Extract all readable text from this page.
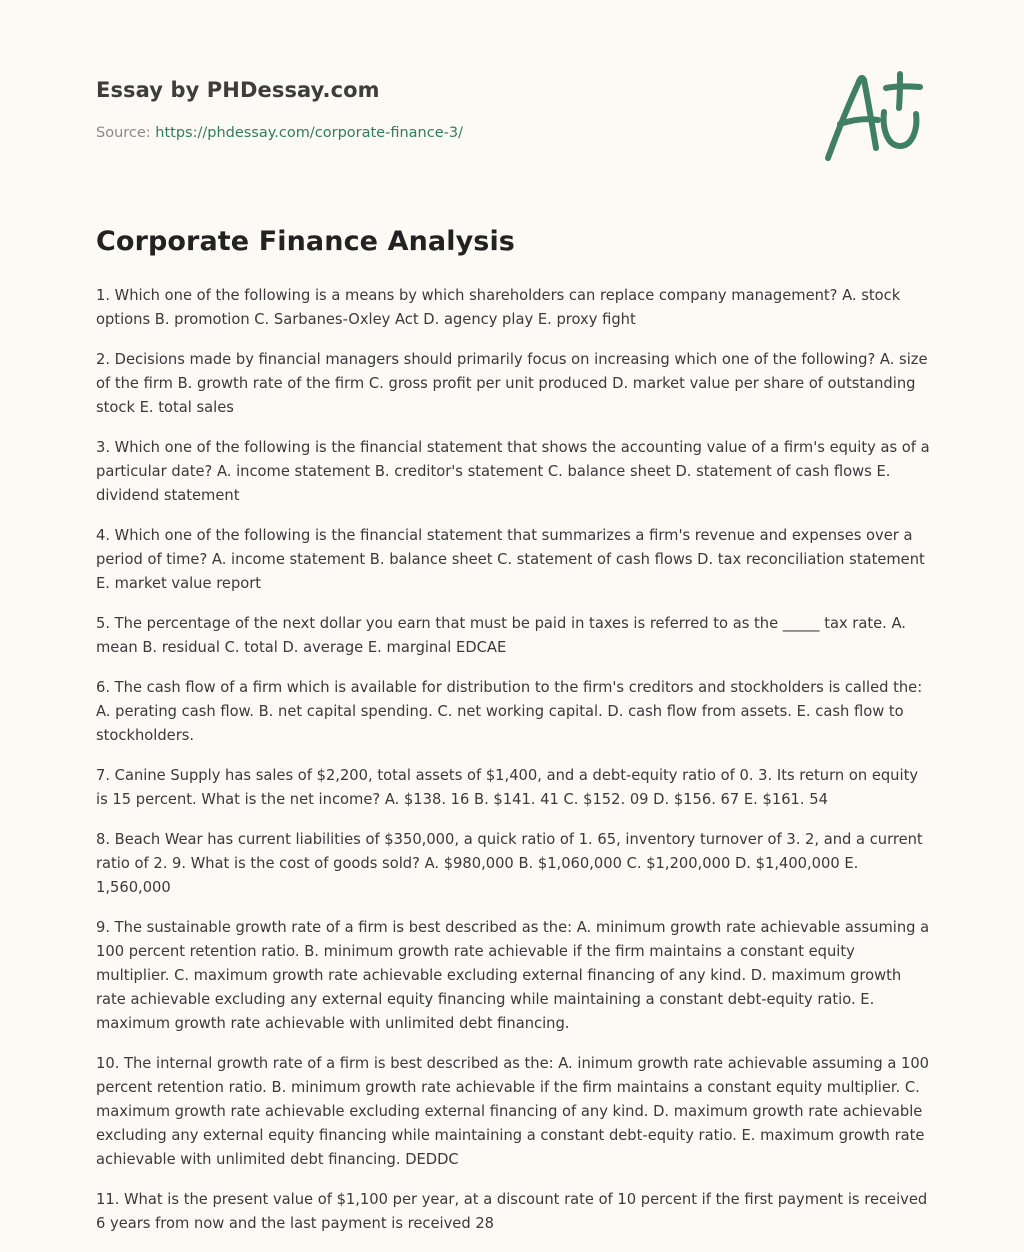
Essay by PHDessay.com

Source: https://phdessay.com/corporate-finance-3/

Corporate Finance Analysis

1. Which one of the following is a means by which shareholders can replace company management? A. stock options B. promotion C. Sarbanes-Oxley Act D. agency play E. proxy fight

2. Decisions made by financial managers should primarily focus on increasing which one of the following? A. size of the firm B. growth rate of the firm C. gross profit per unit produced D. market value per share of outstanding stock E. total sales

3. Which one of the following is the financial statement that shows the accounting value of a firm's equity as of a particular date? A. income statement B. creditor's statement C. balance sheet D. statement of cash flows E. dividend statement

4. Which one of the following is the financial statement that summarizes a firm's revenue and expenses over a period of time? A. income statement B. balance sheet C. statement of cash flows D. tax reconciliation statement E. market value report

5. The percentage of the next dollar you earn that must be paid in taxes is referred to as the _____ tax rate. A. mean B. residual C. total D. average E. marginal EDCAE

6. The cash flow of a firm which is available for distribution to the firm's creditors and stockholders is called the: A. perating cash flow. B. net capital spending. C. net working capital. D. cash flow from assets. E. cash flow to stockholders.

7. Canine Supply has sales of $2,200, total assets of $1,400, and a debt-equity ratio of 0. 3. Its return on equity is 15 percent. What is the net income? A. $138. 16 B. $141. 41 C. $152. 09 D. $156. 67 E. $161. 54

8. Beach Wear has current liabilities of $350,000, a quick ratio of 1. 65, inventory turnover of 3. 2, and a current ratio of 2. 9. What is the cost of goods sold? A. $980,000 B. $1,060,000 C. $1,200,000 D. $1,400,000 E. 1,560,000

9. The sustainable growth rate of a firm is best described as the: A. minimum growth rate achievable assuming a 100 percent retention ratio. B. minimum growth rate achievable if the firm maintains a constant equity multiplier. C. maximum growth rate achievable excluding external financing of any kind. D. maximum growth rate achievable excluding any external equity financing while maintaining a constant debt-equity ratio. E. maximum growth rate achievable with unlimited debt financing.

10. The internal growth rate of a firm is best described as the: A. inimum growth rate achievable assuming a 100 percent retention ratio. B. minimum growth rate achievable if the firm maintains a constant equity multiplier. C. maximum growth rate achievable excluding external financing of any kind. D. maximum growth rate achievable excluding any external equity financing while maintaining a constant debt-equity ratio. E. maximum growth rate achievable with unlimited debt financing. DEDDC

11. What is the present value of $1,100 per year, at a discount rate of 10 percent if the first payment is received 6 years from now and the last payment is received 28
